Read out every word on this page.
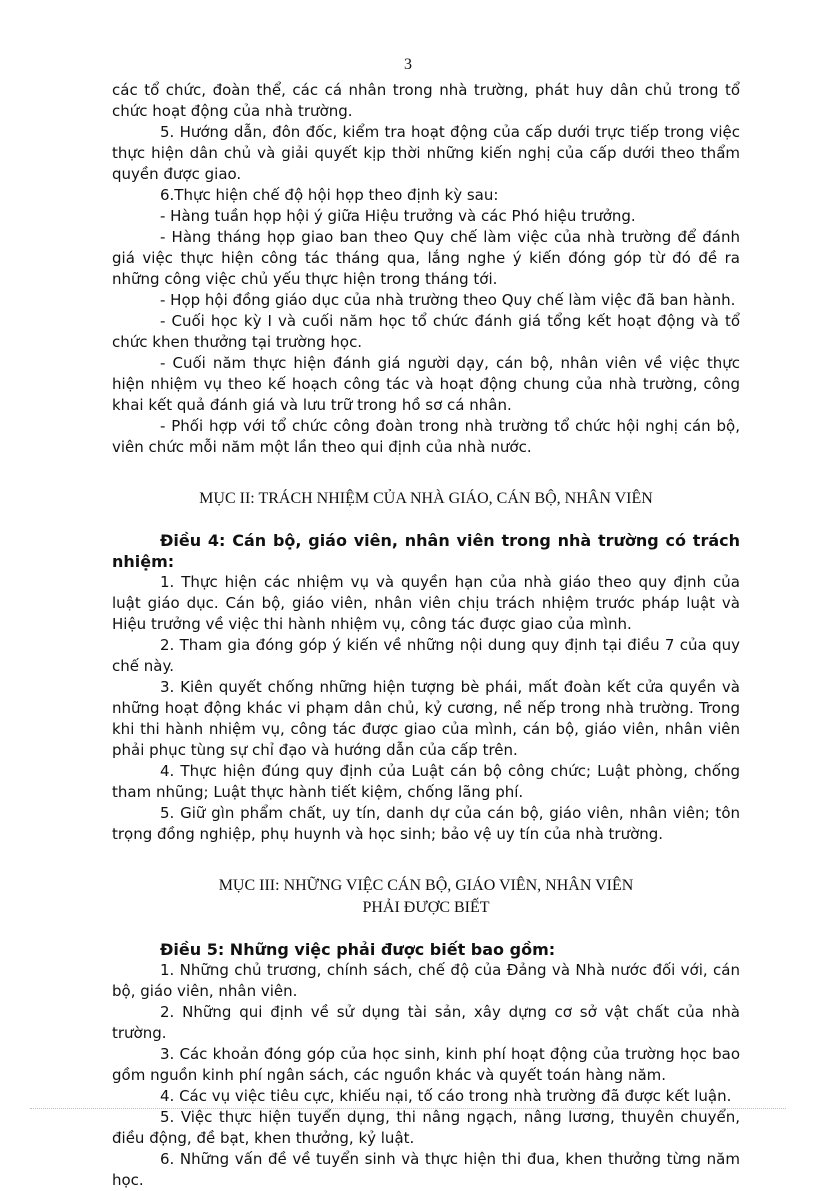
3

các tổ chức, đoàn thể, các cá nhân trong nhà trường, phát huy dân chủ trong tổ chức hoạt động của nhà trường.

5. Hướng dẫn, đôn đốc, kiểm tra hoạt động của cấp dưới trực tiếp trong việc thực hiện dân chủ và giải quyết kịp thời những kiến nghị của cấp dưới theo thẩm quyền được giao.

6.Thực hiện chế độ hội họp theo định kỳ sau:

- Hàng tuần họp hội ý giữa Hiệu trưởng và các Phó hiệu trưởng.

- Hàng tháng họp giao ban theo Quy chế làm việc của nhà trường để đánh giá việc thực hiện công tác tháng qua, lắng nghe ý kiến đóng góp từ đó đề ra những công việc chủ yếu thực hiện trong tháng tới.

- Họp hội đồng giáo dục của nhà trường theo Quy chế làm việc đã ban hành.

- Cuối học kỳ I và cuối năm học tổ chức đánh giá tổng kết hoạt động và tổ chức khen thưởng tại trường học.

- Cuối năm thực hiện đánh giá người dạy, cán bộ, nhân viên về việc thực hiện nhiệm vụ theo kế hoạch công tác và hoạt động chung của nhà trường, công khai kết quả đánh giá và lưu trữ trong hồ sơ cá nhân.

- Phối hợp với tổ chức công đoàn trong nhà trường tổ chức hội nghị cán bộ, viên chức mỗi năm một lần theo qui định của nhà nước.

MỤC II: TRÁCH NHIỆM CỦA NHÀ GIÁO, CÁN BỘ, NHÂN VIÊN

Điều 4: Cán bộ, giáo viên, nhân viên trong nhà trường có trách nhiệm:

1. Thực hiện các nhiệm vụ và quyền hạn của nhà giáo theo quy định của luật giáo dục. Cán bộ, giáo viên, nhân viên chịu trách nhiệm trước pháp luật và Hiệu trưởng về việc thi hành nhiệm vụ, công tác được giao của mình.

2. Tham gia đóng góp ý kiến về những nội dung quy định tại điều 7 của quy chế này.

3. Kiên quyết chống những hiện tượng bè phái, mất đoàn kết cửa quyền và những hoạt động khác vi phạm dân chủ, kỷ cương, nề nếp trong nhà trường. Trong khi thi hành nhiệm vụ, công tác được giao của mình, cán bộ, giáo viên, nhân viên phải phục tùng sự chỉ đạo và hướng dẫn của cấp trên.

4. Thực hiện đúng quy định của Luật cán bộ công chức; Luật phòng, chống tham nhũng; Luật thực hành tiết kiệm, chống lãng phí.

5. Giữ gìn phẩm chất, uy tín, danh dự của cán bộ, giáo viên, nhân viên; tôn trọng đồng nghiệp, phụ huynh và học sinh; bảo vệ uy tín của nhà trường.

MỤC III: NHỮNG VIỆC CÁN BỘ, GIÁO VIÊN, NHÂN VIÊN
PHẢI ĐƯỢC BIẾT

Điều 5: Những việc phải được biết bao gồm:

1. Những chủ trương, chính sách, chế độ của Đảng và Nhà nước đối với, cán bộ, giáo viên, nhân viên.

2. Những qui định về sử dụng tài sản, xây dựng cơ sở vật chất của nhà trường.

3. Các khoản đóng góp của học sinh, kinh phí hoạt động của trường học bao gồm nguồn kinh phí ngân sách, các nguồn khác và quyết toán hàng năm.

4. Các vụ việc tiêu cực, khiếu nại, tố cáo trong nhà trường đã được kết luận.

5. Việc thực hiện tuyển dụng, thi nâng ngạch, nâng lương, thuyên chuyển, điều động, đề bạt, khen thưởng, kỷ luật.

6. Những vấn đề về tuyển sinh và thực hiện thi đua, khen thưởng từng năm học.
